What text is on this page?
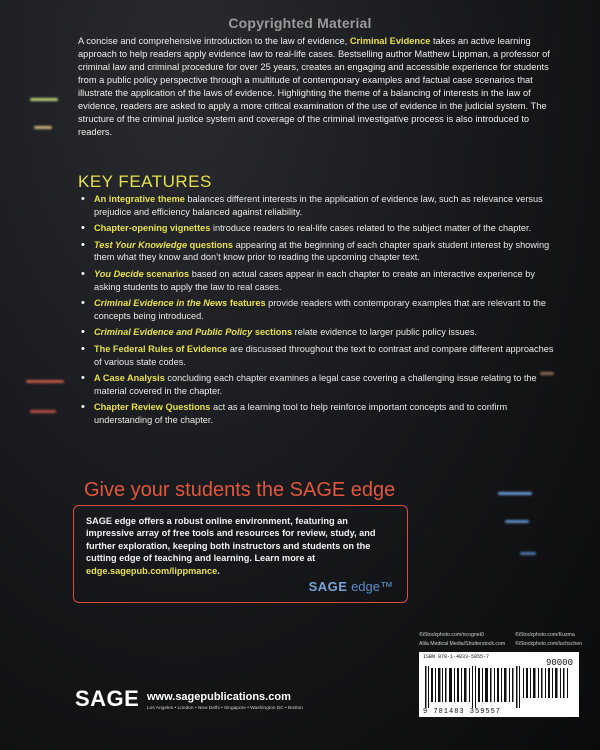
Copyrighted Material
A concise and comprehensive introduction to the law of evidence, Criminal Evidence takes an active learning approach to help readers apply evidence law to real-life cases. Bestselling author Matthew Lippman, a professor of criminal law and criminal procedure for over 25 years, creates an engaging and accessible experience for students from a public policy perspective through a multitude of contemporary examples and factual case scenarios that illustrate the application of the laws of evidence. Highlighting the theme of a balancing of interests in the law of evidence, readers are asked to apply a more critical examination of the use of evidence in the judicial system. The structure of the criminal justice system and coverage of the criminal investigative process is also introduced to readers.
KEY FEATURES
• An integrative theme balances different interests in the application of evidence law, such as relevance versus prejudice and efficiency balanced against reliability.
• Chapter-opening vignettes introduce readers to real-life cases related to the subject matter of the chapter.
• Test Your Knowledge questions appearing at the beginning of each chapter spark student interest by showing them what they know and don’t know prior to reading the upcoming chapter text.
• You Decide scenarios based on actual cases appear in each chapter to create an interactive experience by asking students to apply the law to real cases.
• Criminal Evidence in the News features provide readers with contemporary examples that are relevant to the concepts being introduced.
• Criminal Evidence and Public Policy sections relate evidence to larger public policy issues.
• The Federal Rules of Evidence are discussed throughout the text to contrast and compare different approaches of various state codes.
• A Case Analysis concluding each chapter examines a legal case covering a challenging issue relating to the material covered in the chapter.
• Chapter Review Questions act as a learning tool to help reinforce important concepts and to confirm understanding of the chapter.
Give your students the SAGE edge
SAGE edge offers a robust online environment, featuring an impressive array of free tools and resources for review, study, and further exploration, keeping both instructors and students on the cutting edge of teaching and learning. Learn more at edge.sagepub.com/lippmance.
SAGE edge™
©iStockphoto.com/ncognet0	©iStockphoto.com/Kuzma
Alila Medical Media/Shutterstock.com ©iStockphoto.com/luchschen
ISBN 978-1-4833-5955-7
90000
9 781483 359557
SAGE www.sagepublications.com
Los Angeles • London • New Delhi • Singapore • Washington DC • Boston
